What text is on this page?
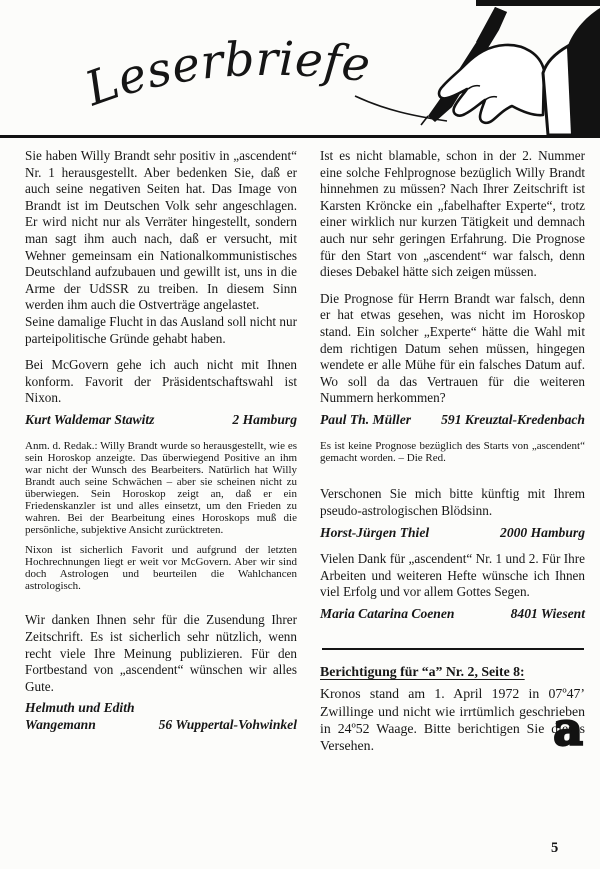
Leserbriefe

Sie haben Willy Brandt sehr positiv in „ascendent“ Nr. 1 herausgestellt. Aber bedenken Sie, daß er auch seine negativen Seiten hat. Das Image von Brandt ist im Deutschen Volk sehr angeschlagen. Er wird nicht nur als Verräter hingestellt, sondern man sagt ihm auch nach, daß er versucht, mit Wehner gemeinsam ein Nationalkommunistisches Deutschland aufzubauen und gewillt ist, uns in die Arme der UdSSR zu treiben. In diesem Sinn werden ihm auch die Ostverträge angelastet.

Seine damalige Flucht in das Ausland soll nicht nur parteipolitische Gründe gehabt haben.

Bei McGovern gehe ich auch nicht mit Ihnen konform. Favorit der Präsidentschaftswahl ist Nixon.

Kurt Waldemar Stawitz	2 Hamburg

Anm. d. Redak.: Willy Brandt wurde so herausgestellt, wie es sein Horoskop anzeigte. Das überwiegend Positive an ihm war nicht der Wunsch des Bearbeiters. Natürlich hat Willy Brandt auch seine Schwächen – aber sie scheinen nicht zu überwiegen. Sein Horoskop zeigt an, daß er ein Friedenskanzler ist und alles einsetzt, um den Frieden zu wahren. Bei der Bearbeitung eines Horoskops muß die persönliche, subjektive Ansicht zurücktreten.

Nixon ist sicherlich Favorit und aufgrund der letzten Hochrechnungen liegt er weit vor McGovern. Aber wir sind doch Astrologen und beurteilen die Wahlchancen astrologisch.

Wir danken Ihnen sehr für die Zusendung Ihrer Zeitschrift. Es ist sicherlich sehr nützlich, wenn recht viele Ihre Meinung publizieren. Für den Fortbestand von „ascendent“ wünschen wir alles Gute.

Helmuth und Edith
Wangemann	56 Wuppertal-Vohwinkel

Ist es nicht blamable, schon in der 2. Nummer eine solche Fehlprognose bezüglich Willy Brandt hinnehmen zu müssen? Nach Ihrer Zeitschrift ist Karsten Kröncke ein „fabelhafter Experte“, trotz einer wirklich nur kurzen Tätigkeit und demnach auch nur sehr geringen Erfahrung. Die Prognose für den Start von „ascendent“ war falsch, denn dieses Debakel hätte sich zeigen müssen.

Die Prognose für Herrn Brandt war falsch, denn er hat etwas gesehen, was nicht im Horoskop stand. Ein solcher „Experte“ hätte die Wahl mit dem richtigen Datum sehen müssen, hingegen wendete er alle Mühe für ein falsches Datum auf. Wo soll da das Vertrauen für die weiteren Nummern herkommen?

Paul Th. Müller 591 Kreuztal-Kredenbach

Es ist keine Prognose bezüglich des Starts von „ascendent“ gemacht worden. – Die Red.

Verschonen Sie mich bitte künftig mit Ihrem pseudo-astrologischen Blödsinn.

Horst-Jürgen Thiel	2000 Hamburg

Vielen Dank für „ascendent“ Nr. 1 und 2. Für Ihre Arbeiten und weiteren Hefte wünsche ich Ihnen viel Erfolg und vor allem Gottes Segen.

Maria Catarina Coenen	8401 Wiesent

Berichtigung für “a” Nr. 2, Seite 8:

Kronos stand am 1. April 1972 in 07º47’ Zwillinge und nicht wie irrtümlich geschrieben in 24º52 Waage. Bitte berichtigen Sie dieses Versehen.	a
5
